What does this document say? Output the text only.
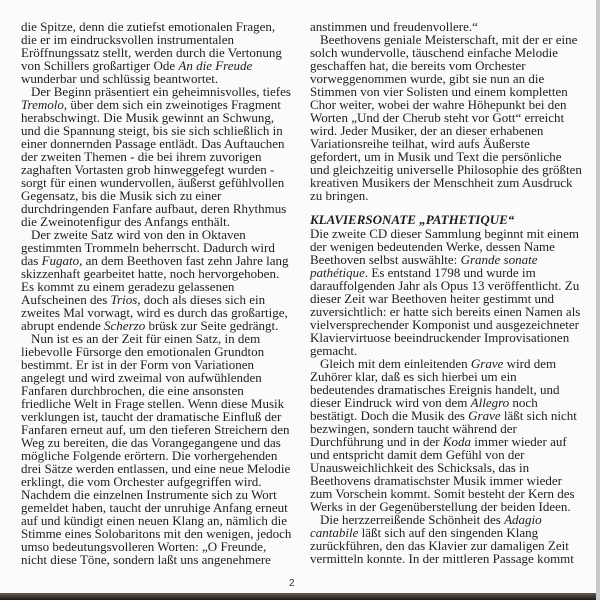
die Spitze, denn die zutiefst emotionalen Fragen,
die er im eindrucksvollen instrumentalen
Eröffnungssatz stellt, werden durch die Vertonung
von Schillers großartiger Ode An die Freude
wunderbar und schlüssig beantwortet.
Der Beginn präsentiert ein geheimnisvolles, tiefes
Tremolo, über dem sich ein zweinotiges Fragment
herabschwingt. Die Musik gewinnt an Schwung,
und die Spannung steigt, bis sie sich schließlich in
einer donnernden Passage entlädt. Das Auftauchen
der zweiten Themen - die bei ihrem zuvorigen
zaghaften Vortasten grob hinweggefegt wurden -
sorgt für einen wundervollen, äußerst gefühlvollen
Gegensatz, bis die Musik sich zu einer
durchdringenden Fanfare aufbaut, deren Rhythmus
die Zweinotenfigur des Anfangs enthält.
Der zweite Satz wird von den in Oktaven
gestimmten Trommeln beherrscht. Dadurch wird
das Fugato, an dem Beethoven fast zehn Jahre lang
skizzenhaft gearbeitet hatte, noch hervorgehoben.
Es kommt zu einem geradezu gelassenen
Aufscheinen des Trios, doch als dieses sich ein
zweites Mal vorwagt, wird es durch das großartige,
abrupt endende Scherzo brüsk zur Seite gedrängt.
Nun ist es an der Zeit für einen Satz, in dem
liebevolle Fürsorge den emotionalen Grundton
bestimmt. Er ist in der Form von Variationen
angelegt und wird zweimal von aufwühlenden
Fanfaren durchbrochen, die eine ansonsten
friedliche Welt in Frage stellen. Wenn diese Musik
verklungen ist, taucht der dramatische Einfluß der
Fanfaren erneut auf, um den tieferen Streichern den
Weg zu bereiten, die das Vorangegangene und das
mögliche Folgende erörtern. Die vorhergehenden
drei Sätze werden entlassen, und eine neue Melodie
erklingt, die vom Orchester aufgegriffen wird.
Nachdem die einzelnen Instrumente sich zu Wort
gemeldet haben, taucht der unruhige Anfang erneut
auf und kündigt einen neuen Klang an, nämlich die
Stimme eines Solobaritons mit den wenigen, jedoch
umso bedeutungsvolleren Worten: „O Freunde,
nicht diese Töne, sondern laßt uns angenehmere
anstimmen und freudenvollere.“
Beethovens geniale Meisterschaft, mit der er eine
solch wundervolle, täuschend einfache Melodie
geschaffen hat, die bereits vom Orchester
vorweggenommen wurde, gibt sie nun an die
Stimmen von vier Solisten und einem kompletten
Chor weiter, wobei der wahre Höhepunkt bei den
Worten „Und der Cherub steht vor Gott“ erreicht
wird. Jeder Musiker, der an dieser erhabenen
Variationsreihe teilhat, wird aufs Äußerste
gefordert, um in Musik und Text die persönliche
und gleichzeitig universelle Philosophie des größten
kreativen Musikers der Menschheit zum Ausdruck
zu bringen.
KLAVIERSONATE „PATHETIQUE“
Die zweite CD dieser Sammlung beginnt mit einem
der wenigen bedeutenden Werke, dessen Name
Beethoven selbst auswählte: Grande sonate
pathétique. Es entstand 1798 und wurde im
darauffolgenden Jahr als Opus 13 veröffentlicht. Zu
dieser Zeit war Beethoven heiter gestimmt und
zuversichtlich: er hatte sich bereits einen Namen als
vielversprechender Komponist und ausgezeichneter
Klaviervirtuose beeindruckender Improvisationen
gemacht.
Gleich mit dem einleitenden Grave wird dem
Zuhörer klar, daß es sich hierbei um ein
bedeutendes dramatisches Ereignis handelt, und
dieser Eindruck wird von dem Allegro noch
bestätigt. Doch die Musik des Grave läßt sich nicht
bezwingen, sondern taucht während der
Durchführung und in der Koda immer wieder auf
und entspricht damit dem Gefühl von der
Unausweichlichkeit des Schicksals, das in
Beethovens dramatischster Musik immer wieder
zum Vorschein kommt. Somit besteht der Kern des
Werks in der Gegenüberstellung der beiden Ideen.
Die herzzerreißende Schönheit des Adagio
cantabile läßt sich auf den singenden Klang
zurückführen, den das Klavier zur damaligen Zeit
vermitteln konnte. In der mittleren Passage kommt
2
